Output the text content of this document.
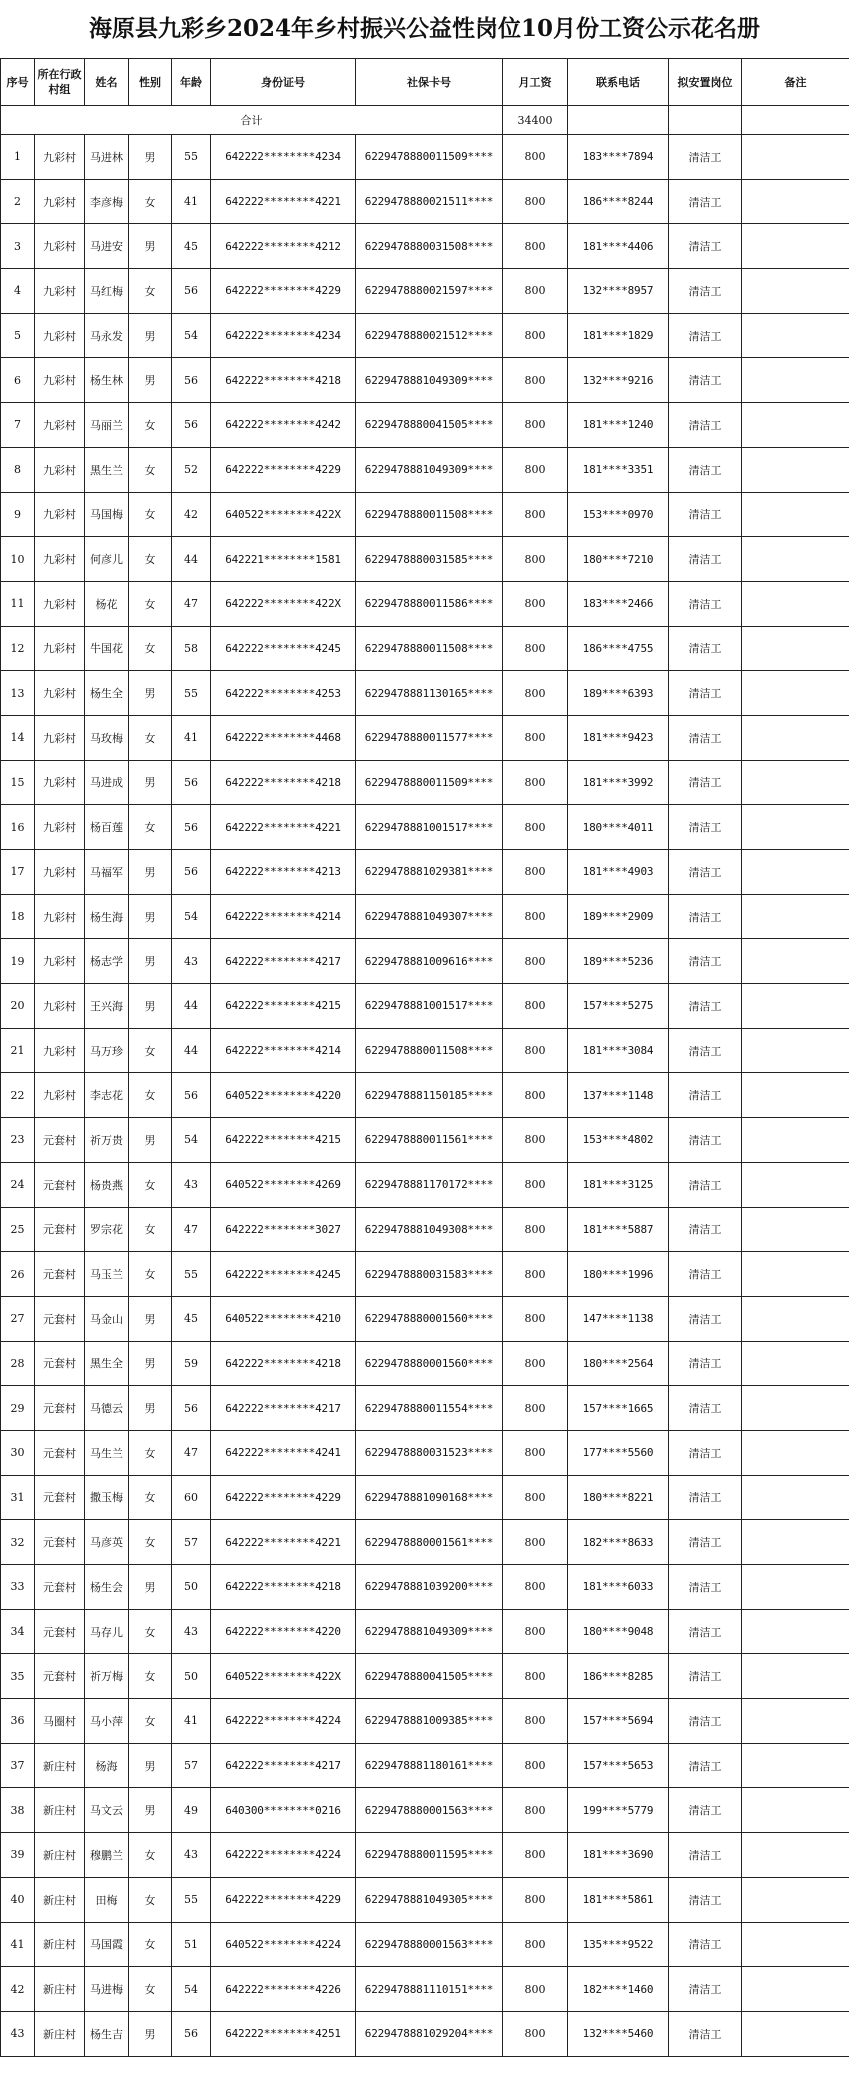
海原县九彩乡2024年乡村振兴公益性岗位10月份工资公示花名册
序号	所在行政村组	姓名	性别	年龄	身份证号	社保卡号	月工资	联系电话	拟安置岗位	备注
合计							34400			
1	九彩村	马进林	男	55	642222********4234	6229478880011509****	800	183****7894	清洁工	
2	九彩村	李彦梅	女	41	642222********4221	6229478880021511****	800	186****8244	清洁工	
3	九彩村	马进安	男	45	642222********4212	6229478880031508****	800	181****4406	清洁工	
4	九彩村	马红梅	女	56	642222********4229	6229478880021597****	800	132****8957	清洁工	
5	九彩村	马永发	男	54	642222********4234	6229478880021512****	800	181****1829	清洁工	
6	九彩村	杨生林	男	56	642222********4218	6229478881049309****	800	132****9216	清洁工	
7	九彩村	马丽兰	女	56	642222********4242	6229478880041505****	800	181****1240	清洁工	
8	九彩村	黑生兰	女	52	642222********4229	6229478881049309****	800	181****3351	清洁工	
9	九彩村	马国梅	女	42	640522********422X	6229478880011508****	800	153****0970	清洁工	
10	九彩村	何彦儿	女	44	642221********1581	6229478880031585****	800	180****7210	清洁工	
11	九彩村	杨花	女	47	642222********422X	6229478880011586****	800	183****2466	清洁工	
12	九彩村	牛国花	女	58	642222********4245	6229478880011508****	800	186****4755	清洁工	
13	九彩村	杨生全	男	55	642222********4253	6229478881130165****	800	189****6393	清洁工	
14	九彩村	马玫梅	女	41	642222********4468	6229478880011577****	800	181****9423	清洁工	
15	九彩村	马进成	男	56	642222********4218	6229478880011509****	800	181****3992	清洁工	
16	九彩村	杨百莲	女	56	642222********4221	6229478881001517****	800	180****4011	清洁工	
17	九彩村	马福军	男	56	642222********4213	6229478881029381****	800	181****4903	清洁工	
18	九彩村	杨生海	男	54	642222********4214	6229478881049307****	800	189****2909	清洁工	
19	九彩村	杨志学	男	43	642222********4217	6229478881009616****	800	189****5236	清洁工	
20	九彩村	王兴海	男	44	642222********4215	6229478881001517****	800	157****5275	清洁工	
21	九彩村	马万珍	女	44	642222********4214	6229478880011508****	800	181****3084	清洁工	
22	九彩村	李志花	女	56	640522********4220	6229478881150185****	800	137****1148	清洁工	
23	元套村	祈万贵	男	54	642222********4215	6229478880011561****	800	153****4802	清洁工	
24	元套村	杨贵燕	女	43	640522********4269	6229478881170172****	800	181****3125	清洁工	
25	元套村	罗宗花	女	47	642222********3027	6229478881049308****	800	181****5887	清洁工	
26	元套村	马玉兰	女	55	642222********4245	6229478880031583****	800	180****1996	清洁工	
27	元套村	马金山	男	45	640522********4210	6229478880001560****	800	147****1138	清洁工	
28	元套村	黑生全	男	59	642222********4218	6229478880001560****	800	180****2564	清洁工	
29	元套村	马德云	男	56	642222********4217	6229478880011554****	800	157****1665	清洁工	
30	元套村	马生兰	女	47	642222********4241	6229478880031523****	800	177****5560	清洁工	
31	元套村	撒玉梅	女	60	642222********4229	6229478881090168****	800	180****8221	清洁工	
32	元套村	马彦英	女	57	642222********4221	6229478880001561****	800	182****8633	清洁工	
33	元套村	杨生会	男	50	642222********4218	6229478881039200****	800	181****6033	清洁工	
34	元套村	马存儿	女	43	642222********4220	6229478881049309****	800	180****9048	清洁工	
35	元套村	祈万梅	女	50	640522********422X	6229478880041505****	800	186****8285	清洁工	
36	马圈村	马小萍	女	41	642222********4224	6229478881009385****	800	157****5694	清洁工	
37	新庄村	杨海	男	57	642222********4217	6229478881180161****	800	157****5653	清洁工	
38	新庄村	马文云	男	49	640300********0216	6229478880001563****	800	199****5779	清洁工	
39	新庄村	穆鹏兰	女	43	642222********4224	6229478880011595****	800	181****3690	清洁工	
40	新庄村	田梅	女	55	642222********4229	6229478881049305****	800	181****5861	清洁工	
41	新庄村	马国霞	女	51	640522********4224	6229478880001563****	800	135****9522	清洁工	
42	新庄村	马进梅	女	54	642222********4226	6229478881110151****	800	182****1460	清洁工	
43	新庄村	杨生吉	男	56	642222********4251	6229478881029204****	800	132****5460	清洁工	
